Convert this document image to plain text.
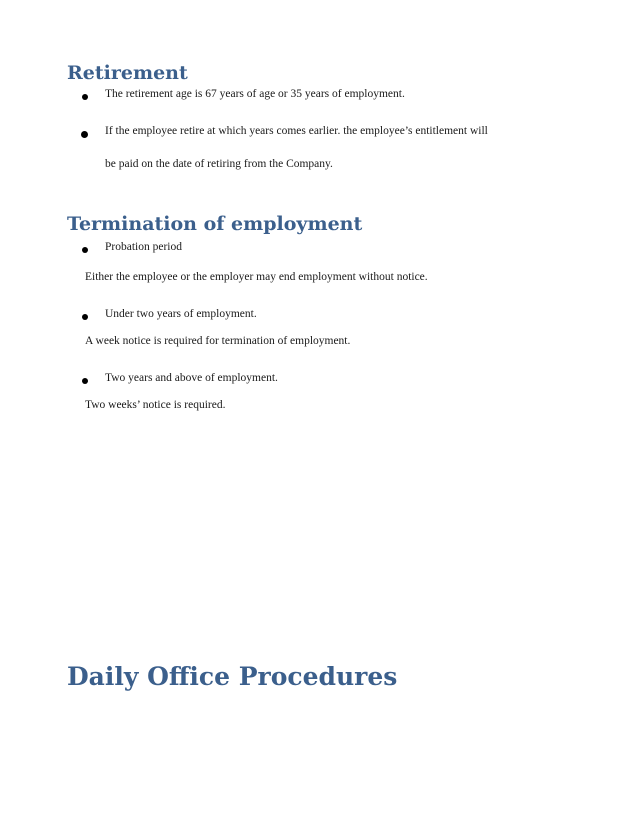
Retirement
The retirement age is 67 years of age or 35 years of employment.
If the employee retire at which years comes earlier. the employee’s entitlement will
be paid on the date of retiring from the Company.
Termination of employment
Probation period
Either the employee or the employer may end employment without notice.
Under two years of employment.
A week notice is required for termination of employment.
Two years and above of employment.
Two weeks’ notice is required.
Daily Office Procedures
